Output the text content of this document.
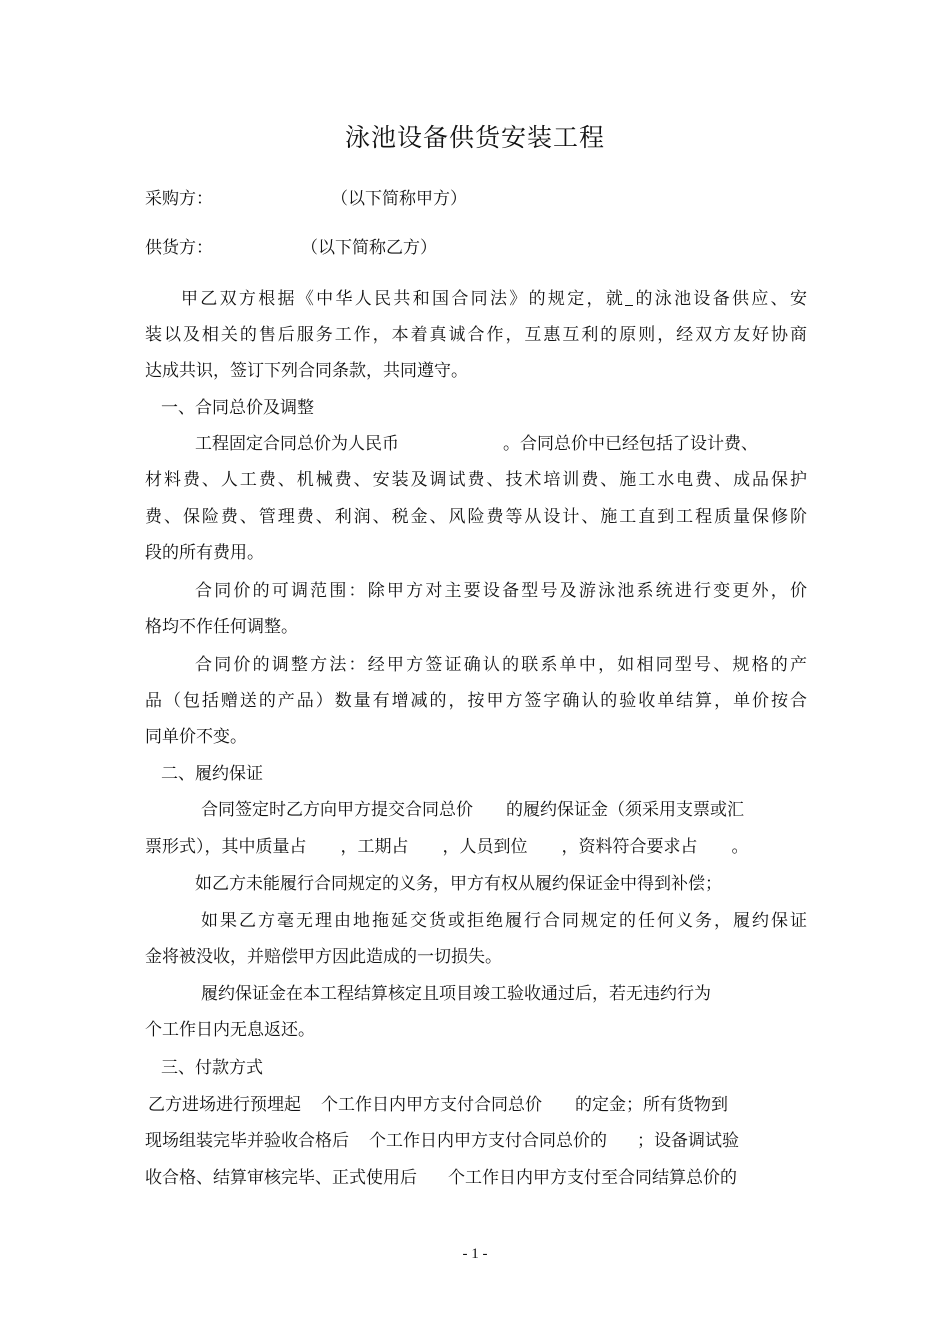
泳池设备供货安装工程
采购方：	（以下简称甲方）
供货方：	（以下简称乙方）
甲乙双方根据《中华人民共和国合同法》的规定，就 的泳池设备供应、安
装以及相关的售后服务工作，本着真诚合作，互惠互利的原则，经双方友好协商
达成共识，签订下列合同条款，共同遵守。
一、合同总价及调整
工程固定合同总价为人民币	。合同总价中已经包括了设计费、
材料费、人工费、机械费、安装及调试费、技术培训费、施工水电费、成品保护
费、保险费、管理费、利润、税金、风险费等从设计、施工直到工程质量保修阶
段的所有费用。
合同价的可调范围：除甲方对主要设备型号及游泳池系统进行变更外，价
格均不作任何调整。
合同价的调整方法：经甲方签证确认的联系单中，如相同型号、规格的产
品（包括赠送的产品）数量有增减的，按甲方签字确认的验收单结算，单价按合
同单价不变。
二、履约保证
合同签定时乙方向甲方提交合同总价 的履约保证金（须采用支票或汇
票形式），其中质量占 ，工期占 ，人员到位 ，资料符合要求占 。
如乙方未能履行合同规定的义务，甲方有权从履约保证金中得到补偿；
如果乙方毫无理由地拖延交货或拒绝履行合同规定的任何义务，履约保证
金将被没收，并赔偿甲方因此造成的一切损失。
履约保证金在本工程结算核定且项目竣工验收通过后，若无违约行为
个工作日内无息返还。
三、付款方式
乙方进场进行预埋起 个工作日内甲方支付合同总价 的定金；所有货物到
现场组装完毕并验收合格后 个工作日内甲方支付合同总价的 ；设备调试验
收合格、结算审核完毕、正式使用后 个工作日内甲方支付至合同结算总价的
- 1 -
